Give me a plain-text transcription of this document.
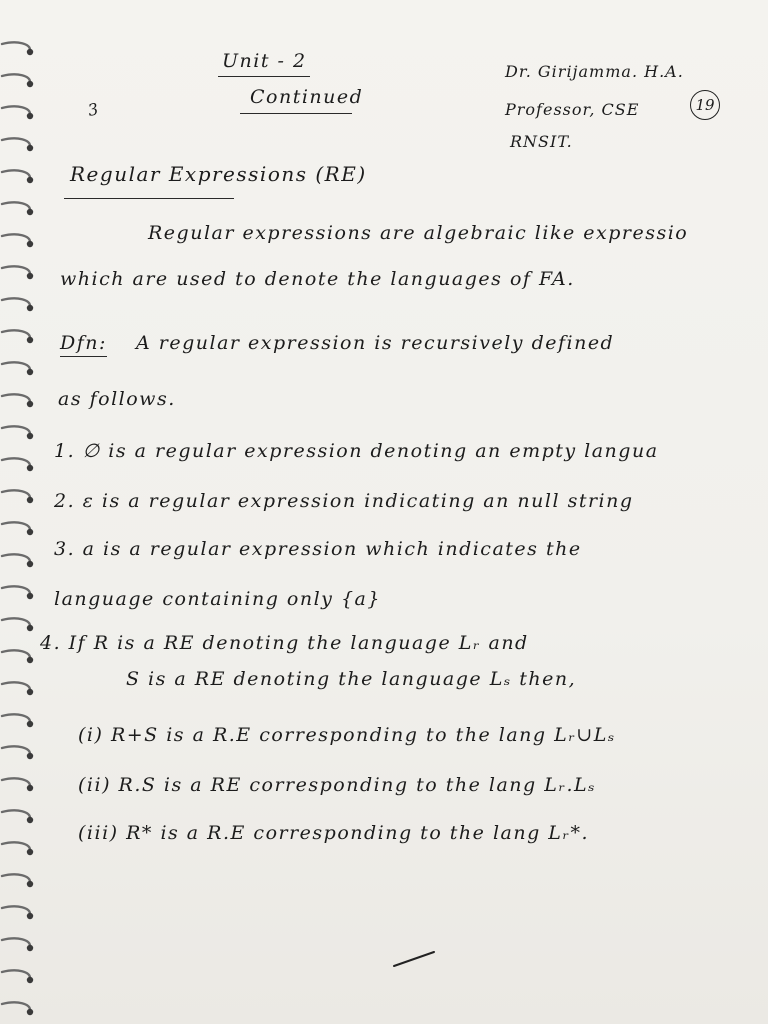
Unit - 2
Continued
Dr. Girijamma. H.A.
Professor, CSE
RNSIT.
19
3
Regular Expressions (RE)
Regular expressions are algebraic like expressio
which are used to denote the languages of FA.
Dfn: A regular expression is recursively defined
as follows.
1. ∅ is a regular expression denoting an empty langua
2. ε is a regular expression indicating an null string
3. a is a regular expression which indicates the
language containing only {a}
4. If R is a RE denoting the language Lᵣ and
S is a RE denoting the language Lₛ then,
(i) R+S is a R.E corresponding to the lang Lᵣ∪Lₛ
(ii) R.S is a RE corresponding to the lang Lᵣ.Lₛ
(iii) R* is a R.E corresponding to the lang Lᵣ*.
